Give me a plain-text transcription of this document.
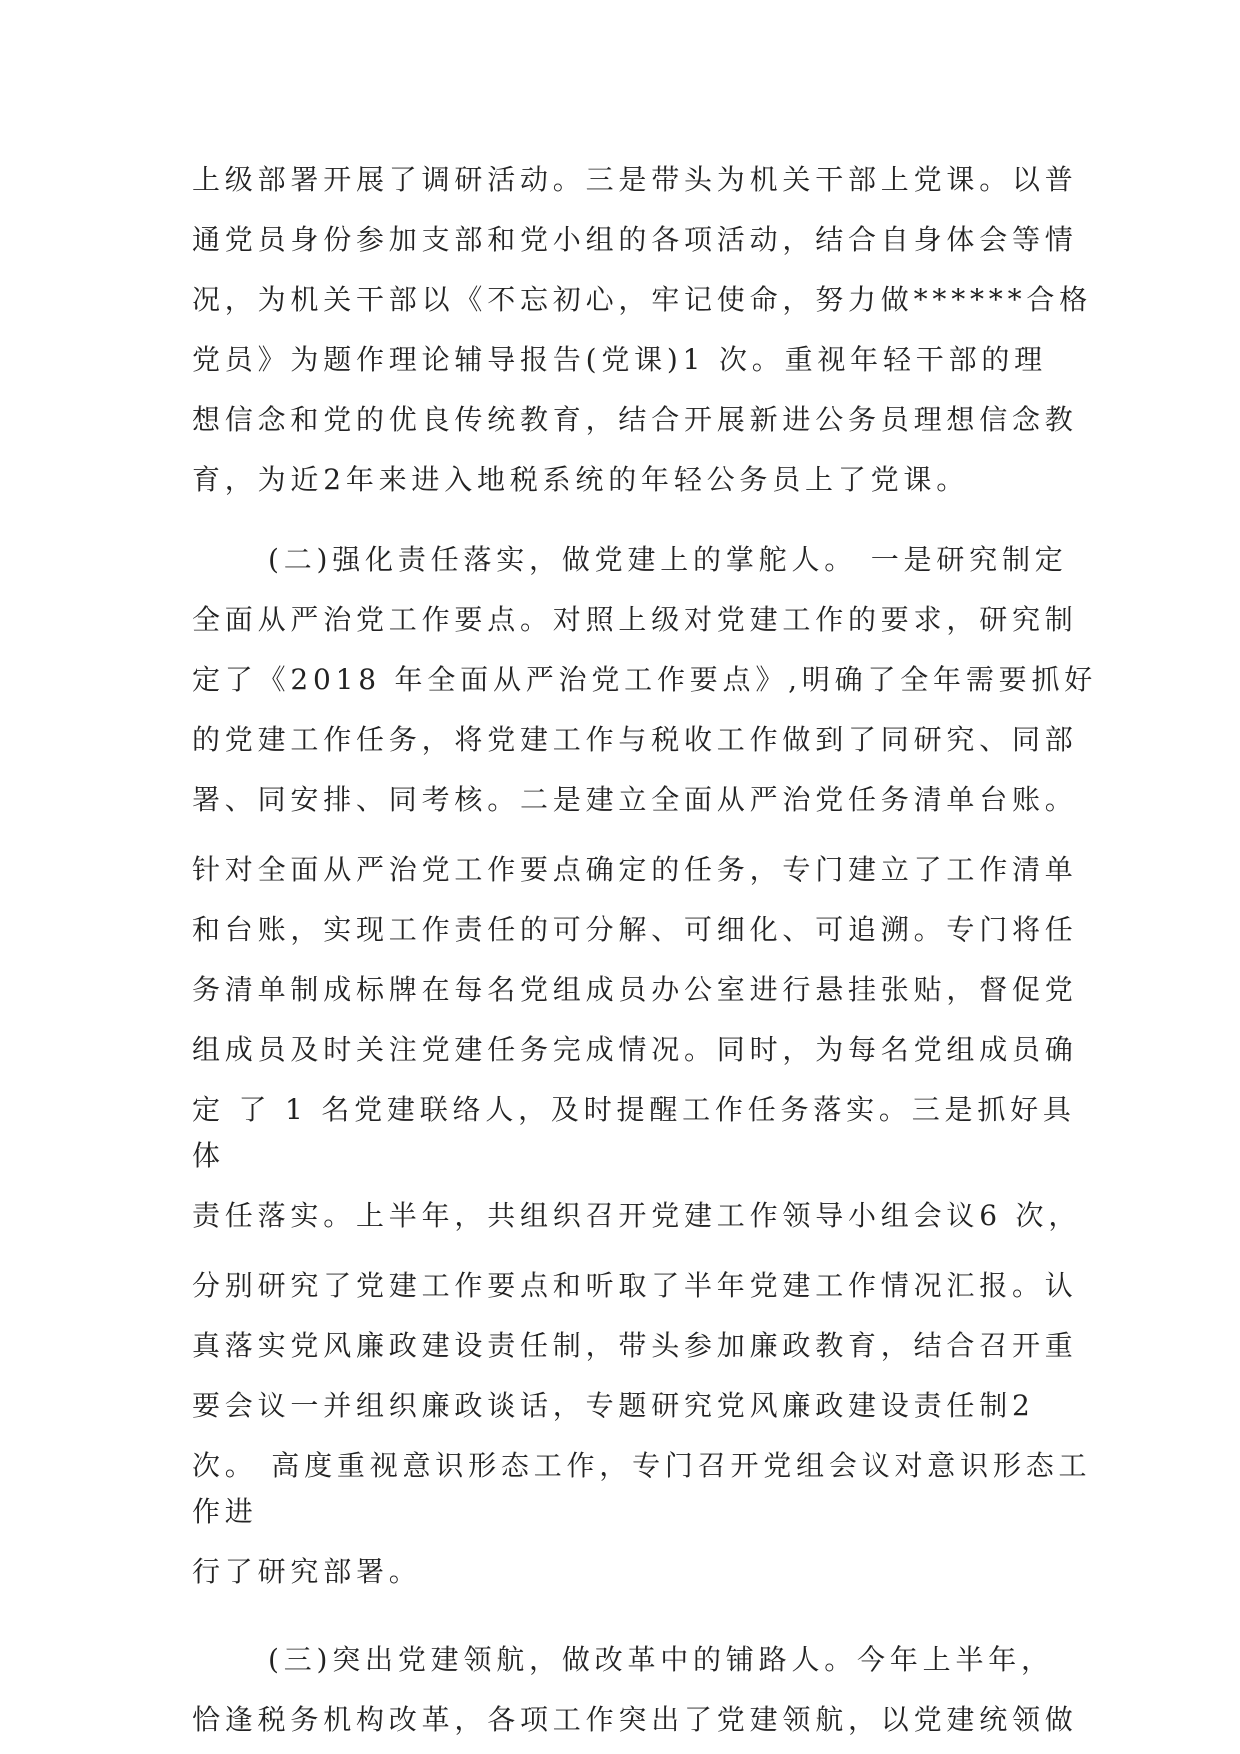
上级部署开展了调研活动。三是带头为机关干部上党课。以普
通党员身份参加支部和党小组的各项活动，结合自身体会等情
况，为机关干部以《不忘初心，牢记使命，努力做******合格
党员》为题作理论辅导报告(党课)1 次。重视年轻干部的理
想信念和党的优良传统教育，结合开展新进公务员理想信念教
育，为近2年来进入地税系统的年轻公务员上了党课。
(二)强化责任落实，做党建上的掌舵人。 一是研究制定
全面从严治党工作要点。对照上级对党建工作的要求，研究制
定了《2018 年全面从严治党工作要点》,明确了全年需要抓好
的党建工作任务，将党建工作与税收工作做到了同研究、同部
署、同安排、同考核。二是建立全面从严治党任务清单台账。
针对全面从严治党工作要点确定的任务，专门建立了工作清单
和台账，实现工作责任的可分解、可细化、可追溯。专门将任
务清单制成标牌在每名党组成员办公室进行悬挂张贴，督促党
组成员及时关注党建任务完成情况。同时，为每名党组成员确
定 了 1 名党建联络人，及时提醒工作任务落实。三是抓好具
体
责任落实。上半年，共组织召开党建工作领导小组会议6 次，
分别研究了党建工作要点和听取了半年党建工作情况汇报。认
真落实党风廉政建设责任制，带头参加廉政教育，结合召开重
要会议一并组织廉政谈话，专题研究党风廉政建设责任制2
次。 高度重视意识形态工作，专门召开党组会议对意识形态工
作进
行了研究部署。
(三)突出党建领航，做改革中的铺路人。今年上半年，
恰逢税务机构改革，各项工作突出了党建领航，以党建统领做
